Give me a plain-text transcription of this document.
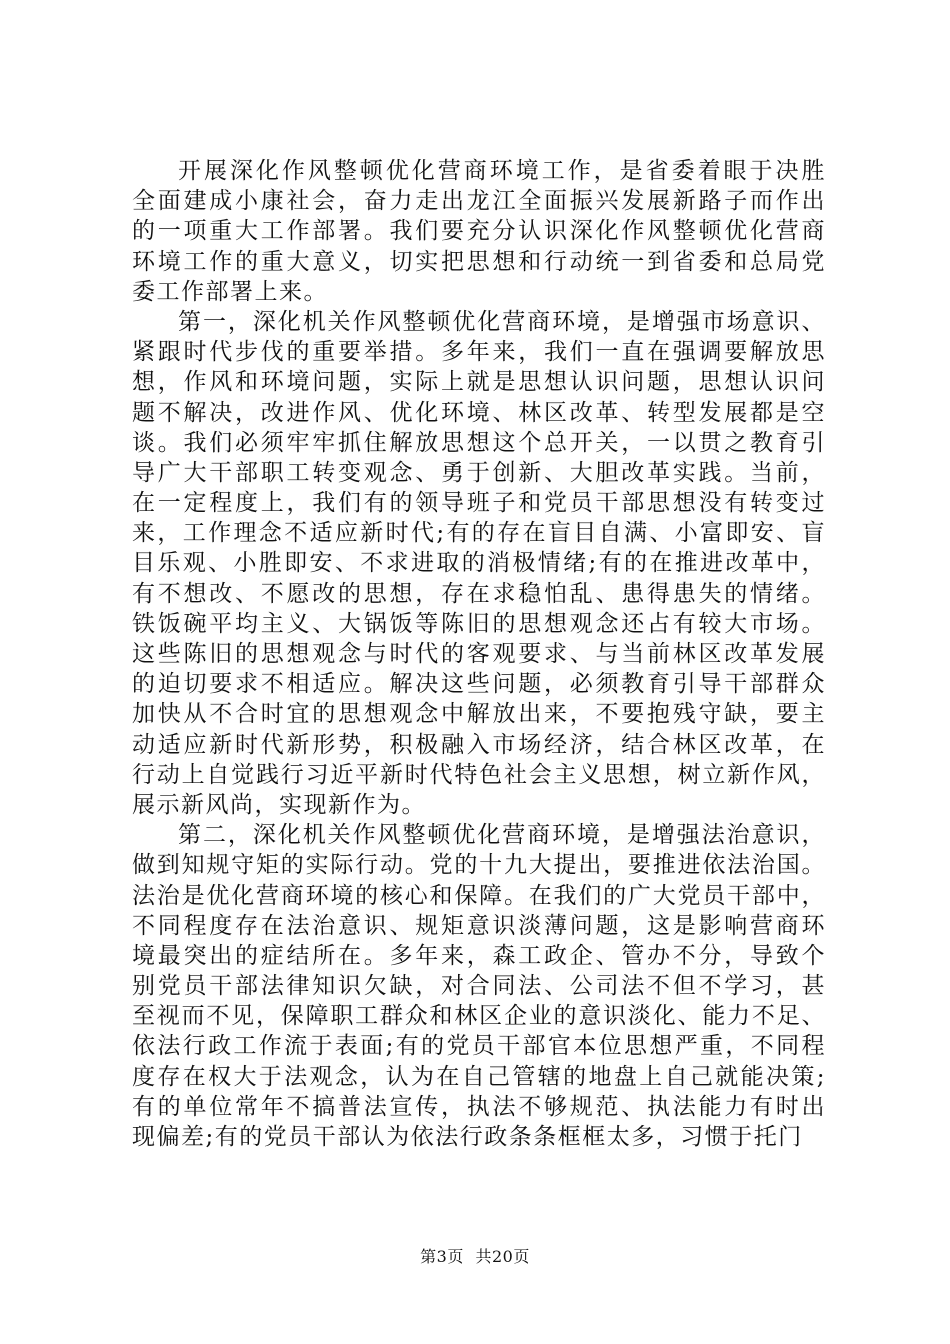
开展深化作风整顿优化营商环境工作，是省委着眼于决胜
全面建成小康社会，奋力走出龙江全面振兴发展新路子而作出
的一项重大工作部署。我们要充分认识深化作风整顿优化营商
环境工作的重大意义，切实把思想和行动统一到省委和总局党
委工作部署上来。
第一，深化机关作风整顿优化营商环境，是增强市场意识、
紧跟时代步伐的重要举措。多年来，我们一直在强调要解放思
想，作风和环境问题，实际上就是思想认识问题，思想认识问
题不解决，改进作风、优化环境、林区改革、转型发展都是空
谈。我们必须牢牢抓住解放思想这个总开关，一以贯之教育引
导广大干部职工转变观念、勇于创新、大胆改革实践。当前，
在一定程度上，我们有的领导班子和党员干部思想没有转变过
来，工作理念不适应新时代;有的存在盲目自满、小富即安、盲
目乐观、小胜即安、不求进取的消极情绪;有的在推进改革中，
有不想改、不愿改的思想，存在求稳怕乱、患得患失的情绪。
铁饭碗平均主义、大锅饭等陈旧的思想观念还占有较大市场。
这些陈旧的思想观念与时代的客观要求、与当前林区改革发展
的迫切要求不相适应。解决这些问题，必须教育引导干部群众
加快从不合时宜的思想观念中解放出来，不要抱残守缺，要主
动适应新时代新形势，积极融入市场经济，结合林区改革，在
行动上自觉践行习近平新时代特色社会主义思想，树立新作风，
展示新风尚，实现新作为。
第二，深化机关作风整顿优化营商环境，是增强法治意识，
做到知规守矩的实际行动。党的十九大提出，要推进依法治国。
法治是优化营商环境的核心和保障。在我们的广大党员干部中，
不同程度存在法治意识、规矩意识淡薄问题，这是影响营商环
境最突出的症结所在。多年来，森工政企、管办不分，导致个
别党员干部法律知识欠缺，对合同法、公司法不但不学习，甚
至视而不见，保障职工群众和林区企业的意识淡化、能力不足、
依法行政工作流于表面;有的党员干部官本位思想严重，不同程
度存在权大于法观念，认为在自己管辖的地盘上自己就能决策;
有的单位常年不搞普法宣传，执法不够规范、执法能力有时出
现偏差;有的党员干部认为依法行政条条框框太多，习惯于托门
第3页 共20页
